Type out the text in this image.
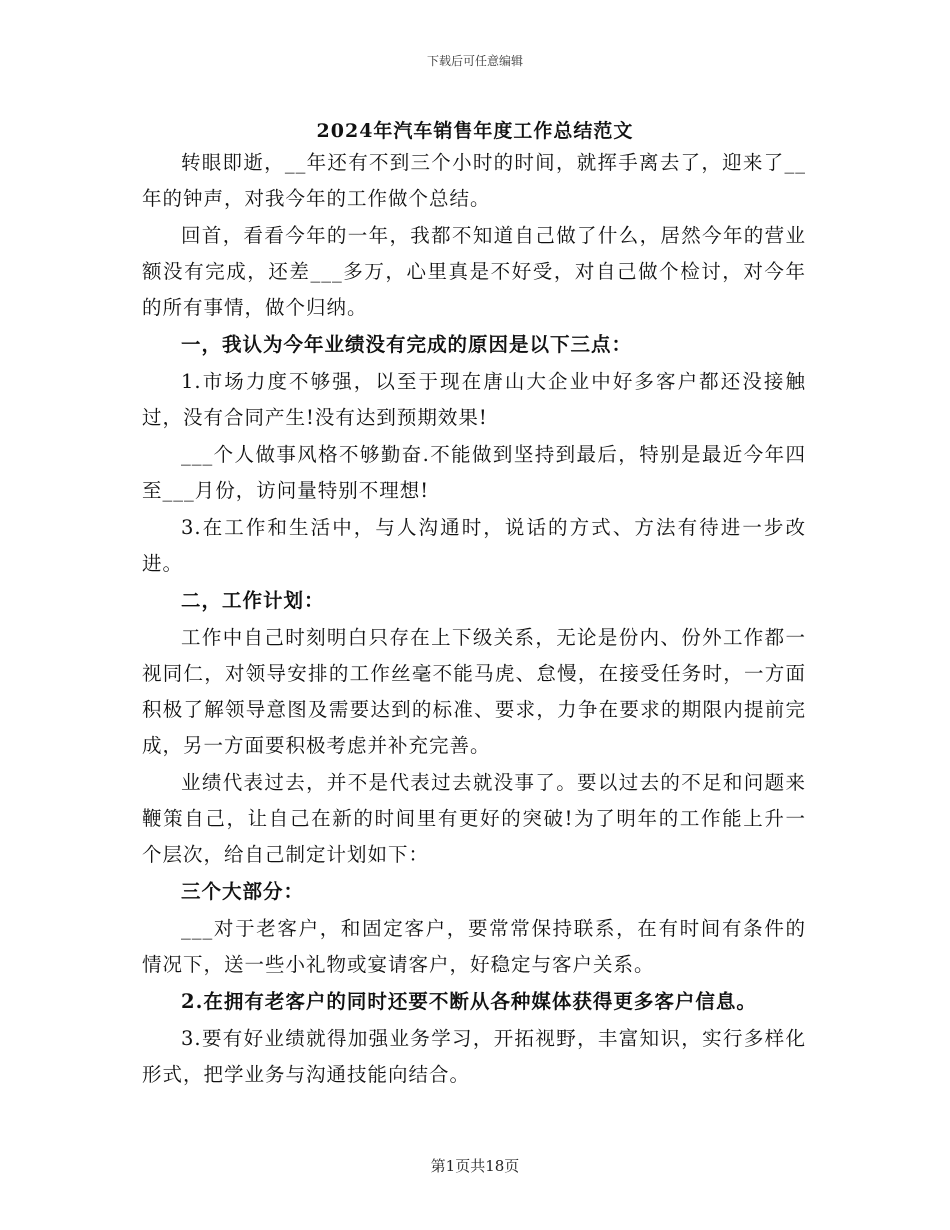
下载后可任意编辑
2024年汽车销售年度工作总结范文

转眼即逝，__年还有不到三个小时的时间，就挥手离去了，迎来了__年的钟声，对我今年的工作做个总结。

回首，看看今年的一年，我都不知道自己做了什么，居然今年的营业额没有完成，还差___多万，心里真是不好受，对自己做个检讨，对今年的所有事情，做个归纳。

一，我认为今年业绩没有完成的原因是以下三点：

1.市场力度不够强，以至于现在唐山大企业中好多客户都还没接触过，没有合同产生!没有达到预期效果!

___个人做事风格不够勤奋.不能做到坚持到最后，特别是最近今年四至___月份，访问量特别不理想!

3.在工作和生活中，与人沟通时，说话的方式、方法有待进一步改进。

二，工作计划：

工作中自己时刻明白只存在上下级关系，无论是份内、份外工作都一视同仁，对领导安排的工作丝毫不能马虎、怠慢，在接受任务时，一方面积极了解领导意图及需要达到的标准、要求，力争在要求的期限内提前完成，另一方面要积极考虑并补充完善。

业绩代表过去，并不是代表过去就没事了。要以过去的不足和问题来鞭策自己，让自己在新的时间里有更好的突破!为了明年的工作能上升一个层次，给自己制定计划如下：

三个大部分：

___对于老客户，和固定客户，要常常保持联系，在有时间有条件的情况下，送一些小礼物或宴请客户，好稳定与客户关系。

2.在拥有老客户的同时还要不断从各种媒体获得更多客户信息。

3.要有好业绩就得加强业务学习，开拓视野，丰富知识，实行多样化形式，把学业务与沟通技能向结合。

第1页共18页
